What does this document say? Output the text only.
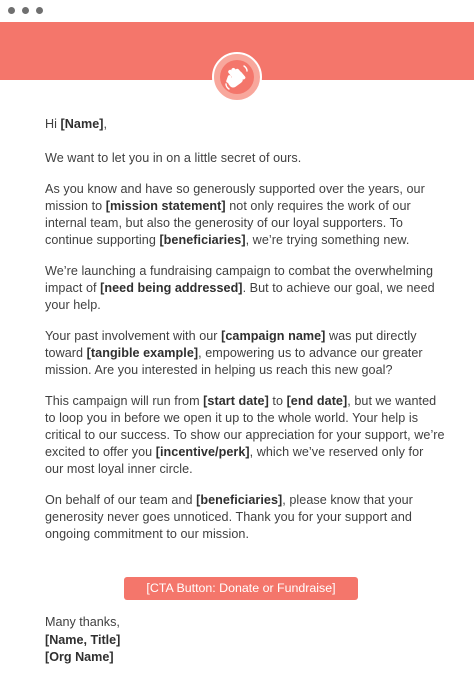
Hi [Name],

We want to let you in on a little secret of ours.

As you know and have so generously supported over the years, our mission to [mission statement] not only requires the work of our internal team, but also the generosity of our loyal supporters. To continue supporting [beneficiaries], we’re trying something new.

We’re launching a fundraising campaign to combat the overwhelming impact of [need being addressed]. But to achieve our goal, we need your help.

Your past involvement with our [campaign name] was put directly toward [tangible example], empowering us to advance our greater mission. Are you interested in helping us reach this new goal?

This campaign will run from [start date] to [end date], but we wanted to loop you in before we open it up to the whole world. Your help is critical to our success. To show our appreciation for your support, we’re excited to offer you [incentive/perk], which we’ve reserved only for our most loyal inner circle.

On behalf of our team and [beneficiaries], please know that your generosity never goes unnoticed. Thank you for your support and ongoing commitment to our mission.

[CTA Button: Donate or Fundraise]
Many thanks,
[Name, Title]
[Org Name]
